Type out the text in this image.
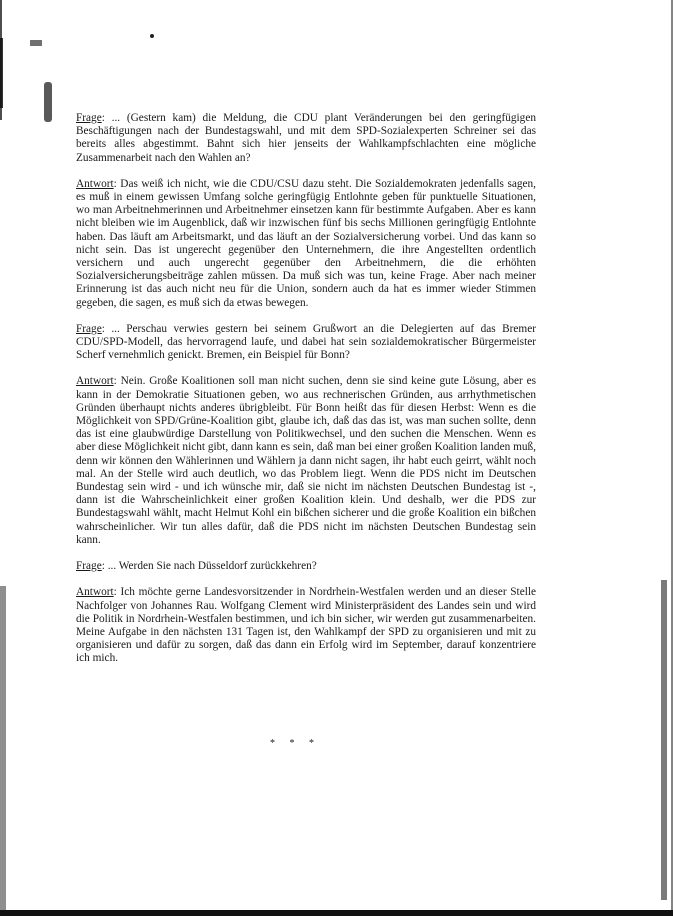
Frage: ... (Gestern kam) die Meldung, die CDU plant Veränderungen bei den geringfügigen Beschäftigungen nach der Bundestagswahl, und mit dem SPD-Sozialexperten Schreiner sei das bereits alles abgestimmt. Bahnt sich hier jenseits der Wahlkampfschlachten eine mögliche Zusammenarbeit nach den Wahlen an?

Antwort: Das weiß ich nicht, wie die CDU/CSU dazu steht. Die Sozialdemokraten jedenfalls sagen, es muß in einem gewissen Umfang solche geringfügig Entlohnte geben für punktuelle Situationen, wo man Arbeitnehmerinnen und Arbeitnehmer einsetzen kann für bestimmte Aufgaben. Aber es kann nicht bleiben wie im Augenblick, daß wir inzwischen fünf bis sechs Millionen geringfügig Entlohnte haben. Das läuft am Arbeitsmarkt, und das läuft an der Sozialversicherung vorbei. Und das kann so nicht sein. Das ist ungerecht gegenüber den Unternehmern, die ihre Angestellten ordentlich versichern und auch ungerecht gegenüber den Arbeitnehmern, die die erhöhten Sozialversicherungsbeiträge zahlen müssen. Da muß sich was tun, keine Frage. Aber nach meiner Erinnerung ist das auch nicht neu für die Union, sondern auch da hat es immer wieder Stimmen gegeben, die sagen, es muß sich da etwas bewegen.

Frage: ... Perschau verwies gestern bei seinem Grußwort an die Delegierten auf das Bremer CDU/SPD-Modell, das hervorragend laufe, und dabei hat sein sozialdemokratischer Bürgermeister Scherf vernehmlich genickt. Bremen, ein Beispiel für Bonn?

Antwort: Nein. Große Koalitionen soll man nicht suchen, denn sie sind keine gute Lösung, aber es kann in der Demokratie Situationen geben, wo aus rechnerischen Gründen, aus arrhythmetischen Gründen überhaupt nichts anderes übrigbleibt. Für Bonn heißt das für diesen Herbst: Wenn es die Möglichkeit von SPD/Grüne-Koalition gibt, glaube ich, daß das das ist, was man suchen sollte, denn das ist eine glaubwürdige Darstellung von Politikwechsel, und den suchen die Menschen. Wenn es aber diese Möglichkeit nicht gibt, dann kann es sein, daß man bei einer großen Koalition landen muß, denn wir können den Wählerinnen und Wählern ja dann nicht sagen, ihr habt euch geirrt, wählt noch mal. An der Stelle wird auch deutlich, wo das Problem liegt. Wenn die PDS nicht im Deutschen Bundestag sein wird - und ich wünsche mir, daß sie nicht im nächsten Deutschen Bundestag ist -, dann ist die Wahrscheinlichkeit einer großen Koalition klein. Und deshalb, wer die PDS zur Bundestagswahl wählt, macht Helmut Kohl ein bißchen sicherer und die große Koalition ein bißchen wahrscheinlicher. Wir tun alles dafür, daß die PDS nicht im nächsten Deutschen Bundestag sein kann.

Frage: ... Werden Sie nach Düsseldorf zurückkehren?

Antwort: Ich möchte gerne Landesvorsitzender in Nordrhein-Westfalen werden und an dieser Stelle Nachfolger von Johannes Rau. Wolfgang Clement wird Ministerpräsident des Landes sein und wird die Politik in Nordrhein-Westfalen bestimmen, und ich bin sicher, wir werden gut zusammenarbeiten. Meine Aufgabe in den nächsten 131 Tagen ist, den Wahlkampf der SPD zu organisieren und mit zu organisieren und dafür zu sorgen, daß das dann ein Erfolg wird im September, darauf konzentriere ich mich.

* * *
